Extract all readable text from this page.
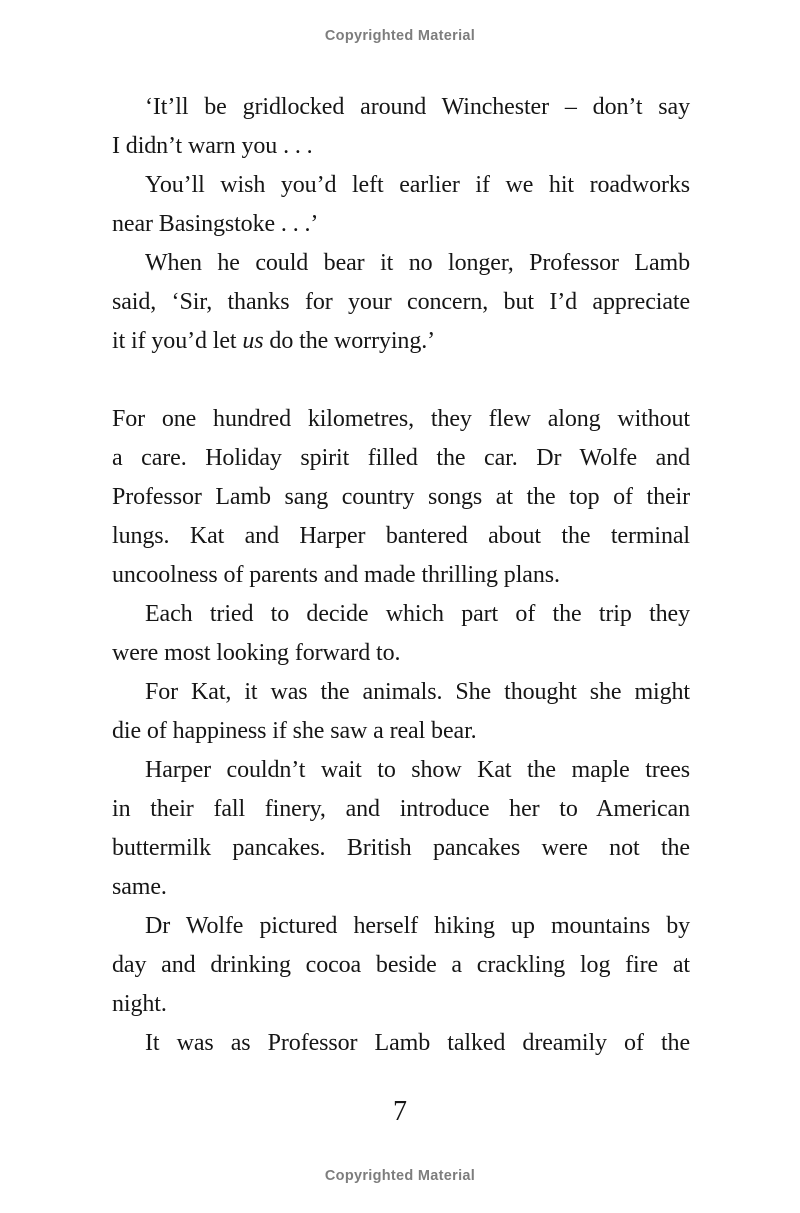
Copyrighted Material
‘It’ll be gridlocked around Winchester – don’t say
I didn’t warn you . . .
You’ll wish you’d left earlier if we hit roadworks
near Basingstoke . . .’
When he could bear it no longer, Professor Lamb
said, ‘Sir, thanks for your concern, but I’d appreciate
it if you’d let us do the worrying.’
For one hundred kilometres, they flew along without
a care. Holiday spirit filled the car. Dr Wolfe and
Professor Lamb sang country songs at the top of their
lungs. Kat and Harper bantered about the terminal
uncoolness of parents and made thrilling plans.
Each tried to decide which part of the trip they
were most looking forward to.
For Kat, it was the animals. She thought she might
die of happiness if she saw a real bear.
Harper couldn’t wait to show Kat the maple trees
in their fall finery, and introduce her to American
buttermilk pancakes. British pancakes were not the
same.
Dr Wolfe pictured herself hiking up mountains by
day and drinking cocoa beside a crackling log fire at
night.
It was as Professor Lamb talked dreamily of the
7
Copyrighted Material
